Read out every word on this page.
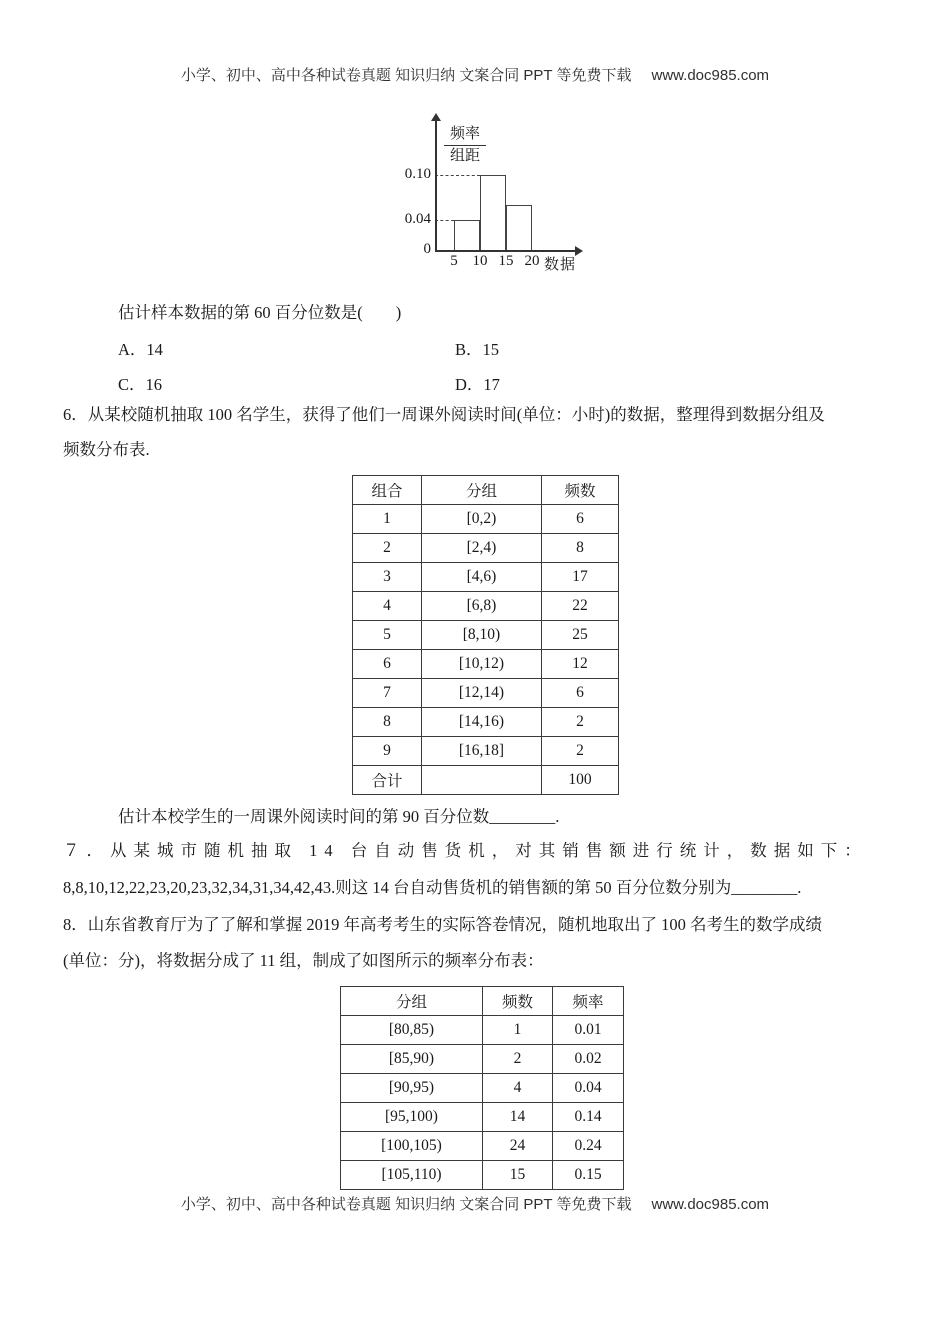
小学、初中、高中各种试卷真题 知识归纳 文案合同 PPT 等免费下载 www.doc985.com
5 10 15 20
0.10
0.04
频率
组距
0
数据
估计样本数据的第 60 百分位数是(　　)
A．14	B．15
C．16	D．17
6．从某校随机抽取 100 名学生，获得了他们一周课外阅读时间(单位：小时)的数据，整理得到数据分组及
频数分布表.
组合	分组	频数
1	[0,2)	6
2	[2,4)	8
3	[4,6)	17
4	[6,8)	22
5	[8,10)	25
6	[10,12)	12
7	[12,14)	6
8	[14,16)	2
9	[16,18]	2
合计		100
估计本校学生的一周课外阅读时间的第 90 百分位数________.
７．从某城市随机抽取 14 台自动售货机，对其销售额进行统计，数据如下：
8,8,10,12,22,23,20,23,32,34,31,34,42,43.则这 14 台自动售货机的销售额的第 50 百分位数分别为________.
8．山东省教育厅为了了解和掌握 2019 年高考考生的实际答卷情况，随机地取出了 100 名考生的数学成绩
(单位：分)，将数据分成了 11 组，制成了如图所示的频率分布表：
分组	频数	频率
[80,85)	1	0.01
[85,90)	2	0.02
[90,95)	4	0.04
[95,100)	14	0.14
[100,105)	24	0.24
[105,110)	15	0.15
小学、初中、高中各种试卷真题 知识归纳 文案合同 PPT 等免费下载 www.doc985.com
